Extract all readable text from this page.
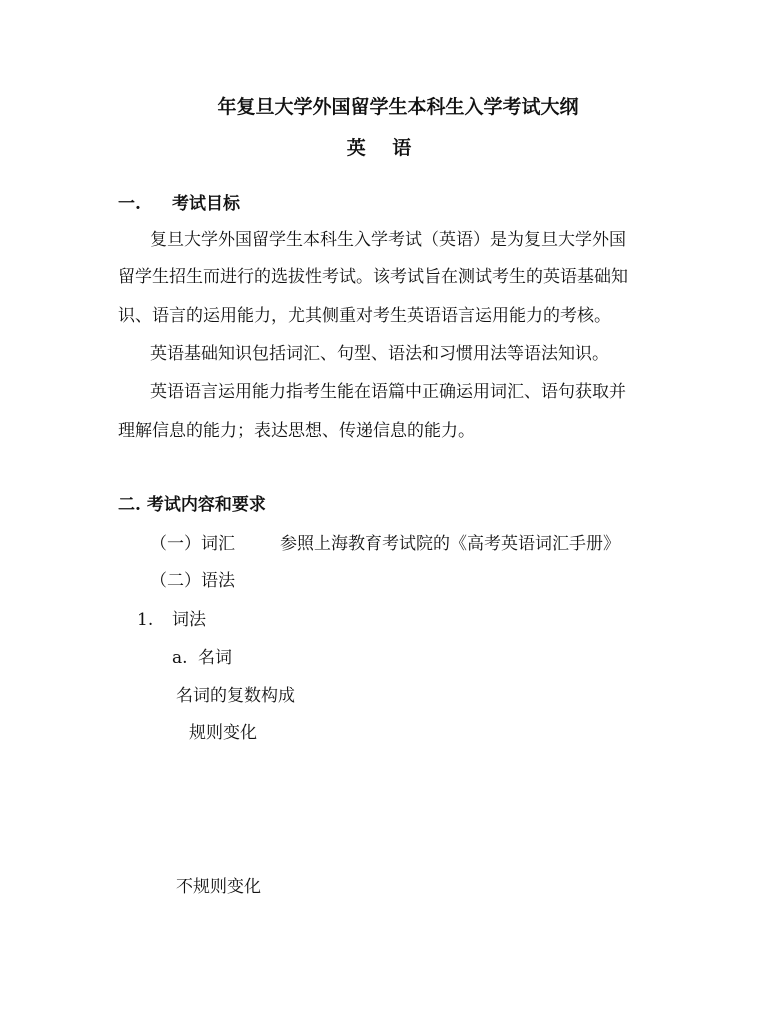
年复旦大学外国留学生本科生入学考试大纲
英 语
一. 考试目标
复旦大学外国留学生本科生入学考试（英语）是为复旦大学外国
留学生招生而进行的选拔性考试。该考试旨在测试考生的英语基础知
识、语言的运用能力，尤其侧重对考生英语语言运用能力的考核。
英语基础知识包括词汇、句型、语法和习惯用法等语法知识。
英语语言运用能力指考生能在语篇中正确运用词汇、语句获取并
理解信息的能力；表达思想、传递信息的能力。
二. 考试内容和要求
（一）词汇	参照上海教育考试院的《高考英语词汇手册》
（二）语法
1. 词法
a. 名词
名词的复数构成
规则变化
不规则变化
